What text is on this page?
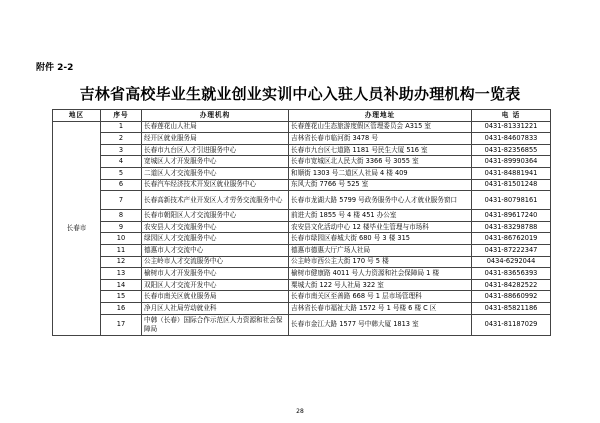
附件 2-2
吉林省高校毕业生就业创业实训中心入驻人员补助办理机构一览表
地区	序号	办理机构	办理地址	电 话
长春市	1	长春莲花山人社局	长春莲花山生态旅游度假区管理委员会 A315 室	0431-81331221
	2	经开区就业服务局	吉林省长春市临河街 3478 号	0431-84607833
	3	长春市九台区人才引进服务中心	长春市九台区七道路 1181 号民生大厦 516 室	0431-82356855
	4	宽城区人才开发服务中心	长春市宽城区北人民大街 3366 号 3055 室	0431-89990364
	5	二道区人才交流服务中心	和顺街 1303 号二道区人社局 4 楼 409	0431-84881941
	6	长春汽车经济技术开发区就业服务中心	东风大街 7766 号 525 室	0431-81501248
	7	长春高新技术产业开发区人才劳务交流服务中心	长春市龙湖大路 5799 号政务服务中心人才就业服务窗口	0431-80798161
	8	长春市朝阳区人才交流服务中心	前进大街 1855 号 4 楼 451 办公室	0431-89617240
	9	农安县人才交流服务中心	农安县文化活动中心 12 楼毕业生管理与市场科	0431-83298788
	10	绿园区人才交流服务中心	长春市绿园区春城大街 680 号 3 楼 315	0431-86762019
	11	德惠市人才交流中心	德惠市德惠大厅广场人社局	0431-87222347
	12	公主岭市人才交流服务中心	公主岭市西公主大街 170 号 5 楼	0434-6292044
	13	榆树市人才开发服务中心	榆树市健康路 4011 号人力资源和社会保障局 1 楼	0431-83656393
	14	双阳区人才交流开发中心	粟城大街 122 号人社局 322 室	0431-84282522
	15	长春市南关区就业服务局	长春市南关区至善路 668 号 1 层市场管理科	0431-88660992
	16	净月区人社局劳动就业科	吉林省长春市福祉大路 1572 号 1 号楼 6 楼 C 区	0431-85821186
	17	中韩（长春）国际合作示范区人力资源和社会保障局	长春市金江大路 1577 号中韩大厦 1813 室	0431-81187029
28
